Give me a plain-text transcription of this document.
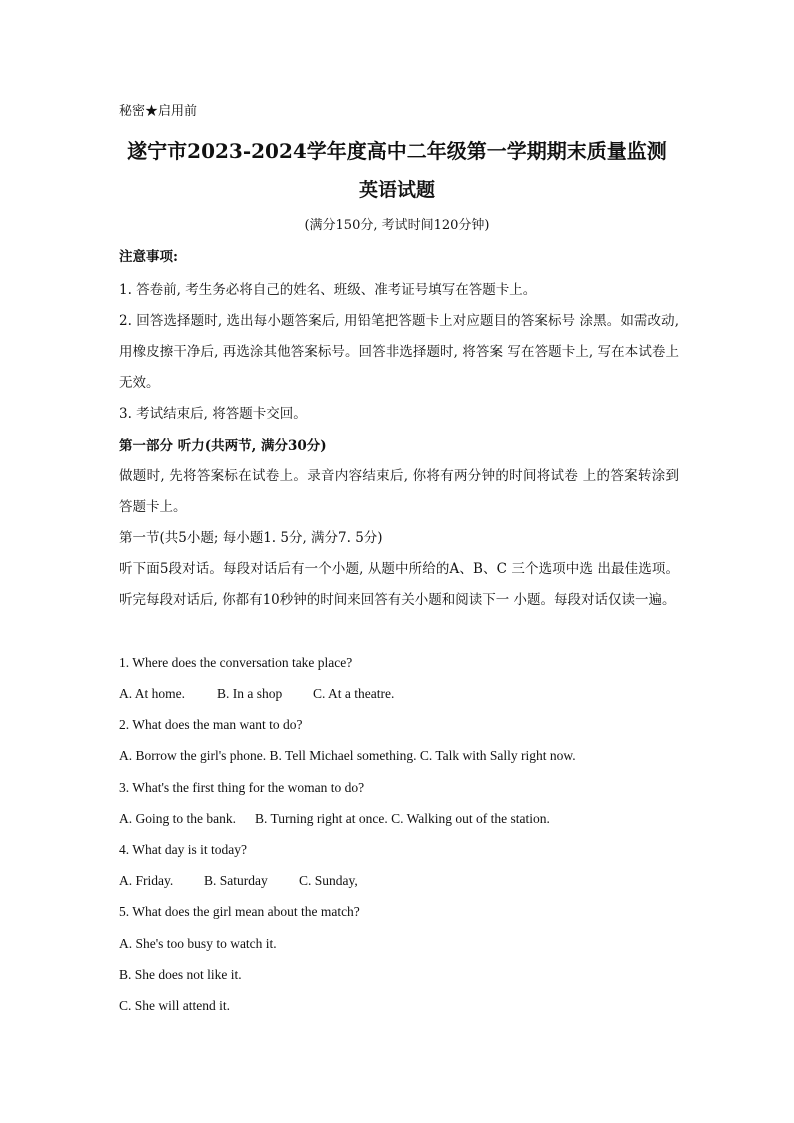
秘密★启用前
遂宁市2023-2024学年度高中二年级第一学期期末质量监测
英语试题
(满分150分, 考试时间120分钟)
注意事项:
1. 答卷前, 考生务必将自己的姓名、班级、准考证号填写在答题卡上。
2. 回答选择题时, 选出每小题答案后, 用铅笔把答题卡上对应题目的答案标号 涂黑。如需改动, 用橡皮擦干净后, 再选涂其他答案标号。回答非选择题时, 将答案 写在答题卡上, 写在本试卷上无效。
3. 考试结束后, 将答题卡交回。
第一部分 听力(共两节, 满分30分)
做题时, 先将答案标在试卷上。录音内容结束后, 你将有两分钟的时间将试卷 上的答案转涂到答题卡上。
第一节(共5小题; 每小题1. 5分, 满分7. 5分)
听下面5段对话。每段对话后有一个小题, 从题中所给的A、B、C 三个选项中选 出最佳选项。听完每段对话后, 你都有10秒钟的时间来回答有关小题和阅读下一 小题。每段对话仅读一遍。
1. Where does the conversation take place?
A. At home. B. In a shop C. At a theatre.
2. What does the man want to do?
A. Borrow the girl's phone. B. Tell Michael something. C. Talk with Sally right now.
3. What's the first thing for the woman to do?
A. Going to the bank. B. Turning right at once. C. Walking out of the station.
4. What day is it today?
A. Friday. B. Saturday C. Sunday,
5. What does the girl mean about the match?
A. She's too busy to watch it.
B. She does not like it.
C. She will attend it.
